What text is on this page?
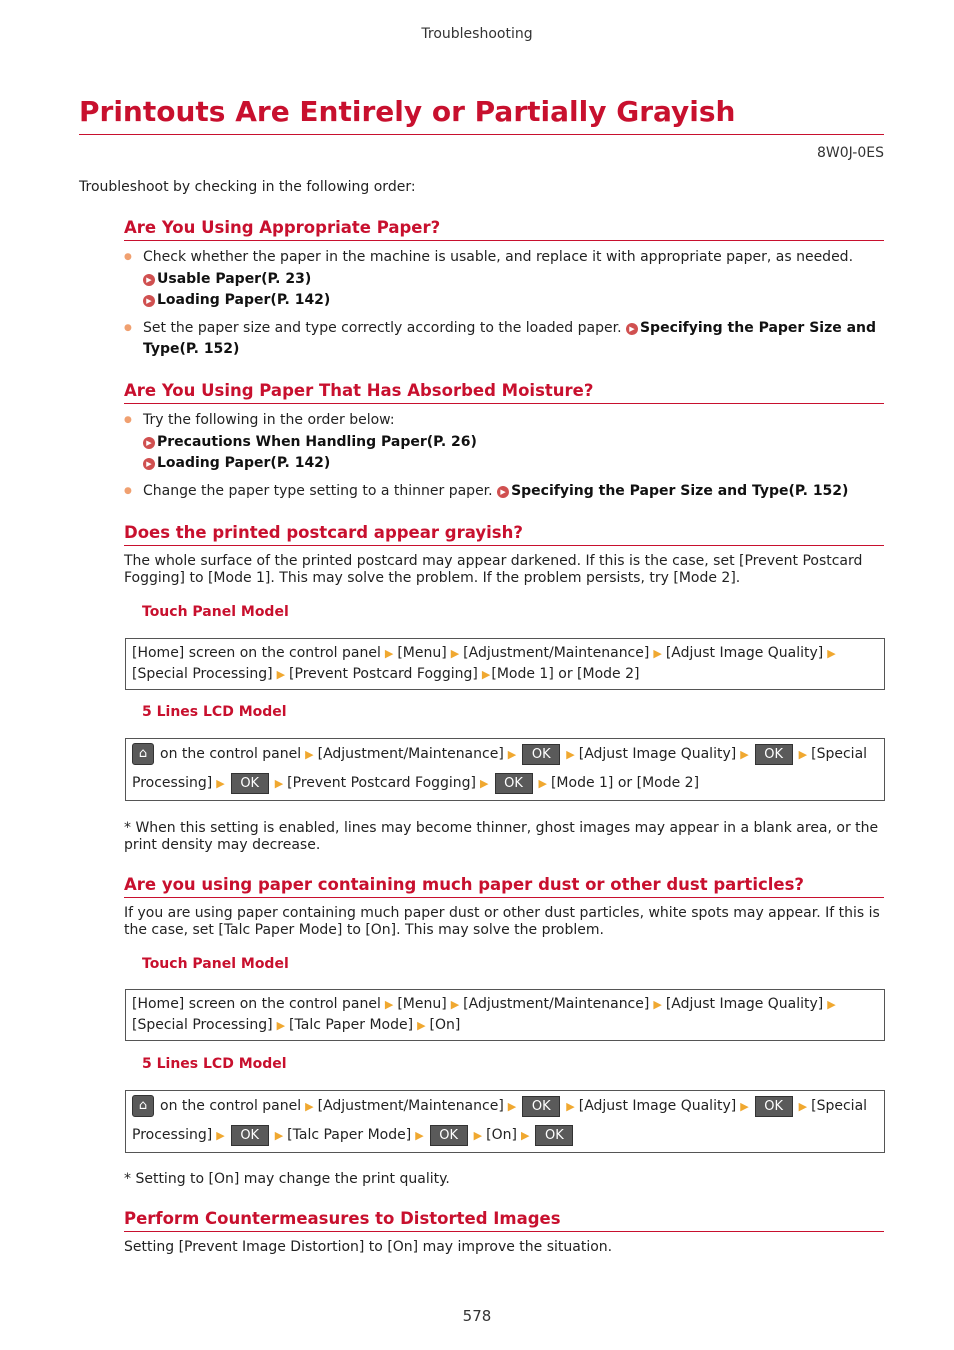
Troubleshooting
Printouts Are Entirely or Partially Grayish
8W0J-0ES

Troubleshoot by checking in the following order:

Are You Using Appropriate Paper?
● Check whether the paper in the machine is usable, and replace it with appropriate paper, as needed.
▶ Usable Paper(P. 23)
▶ Loading Paper(P. 142)
● Set the paper size and type correctly according to the loaded paper. ▶ Specifying the Paper Size and Type(P. 152)
Are You Using Paper That Has Absorbed Moisture?
● Try the following in the order below:
▶ Precautions When Handling Paper(P. 26)
▶ Loading Paper(P. 142)
● Change the paper type setting to a thinner paper. ▶ Specifying the Paper Size and Type(P. 152)
Does the printed postcard appear grayish?

The whole surface of the printed postcard may appear darkened. If this is the case, set [Prevent Postcard Fogging] to [Mode 1]. This may solve the problem. If the problem persists, try [Mode 2].

Touch Panel Model
[Home] screen on the control panel ▶ [Menu] ▶ [Adjustment/Maintenance] ▶ [Adjust Image Quality] ▶
[Special Processing] ▶ [Prevent Postcard Fogging] ▶[Mode 1] or [Mode 2]
5 Lines LCD Model
⌂ on the control panel ▶ [Adjustment/Maintenance] ▶ OK ▶ [Adjust Image Quality] ▶ OK ▶ [Special
Processing] ▶ OK ▶ [Prevent Postcard Fogging] ▶ OK ▶ [Mode 1] or [Mode 2]

* When this setting is enabled, lines may become thinner, ghost images may appear in a blank area, or the print density may decrease.

Are you using paper containing much paper dust or other dust particles?

If you are using paper containing much paper dust or other dust particles, white spots may appear. If this is the case, set [Talc Paper Mode] to [On]. This may solve the problem.

Touch Panel Model
[Home] screen on the control panel ▶ [Menu] ▶ [Adjustment/Maintenance] ▶ [Adjust Image Quality] ▶
[Special Processing] ▶ [Talc Paper Mode] ▶ [On]
5 Lines LCD Model
⌂ on the control panel ▶ [Adjustment/Maintenance] ▶ OK ▶ [Adjust Image Quality] ▶ OK ▶ [Special
Processing] ▶ OK ▶ [Talc Paper Mode] ▶ OK ▶ [On] ▶ OK

* Setting to [On] may change the print quality.

Perform Countermeasures to Distorted Images

Setting [Prevent Image Distortion] to [On] may improve the situation.

578
